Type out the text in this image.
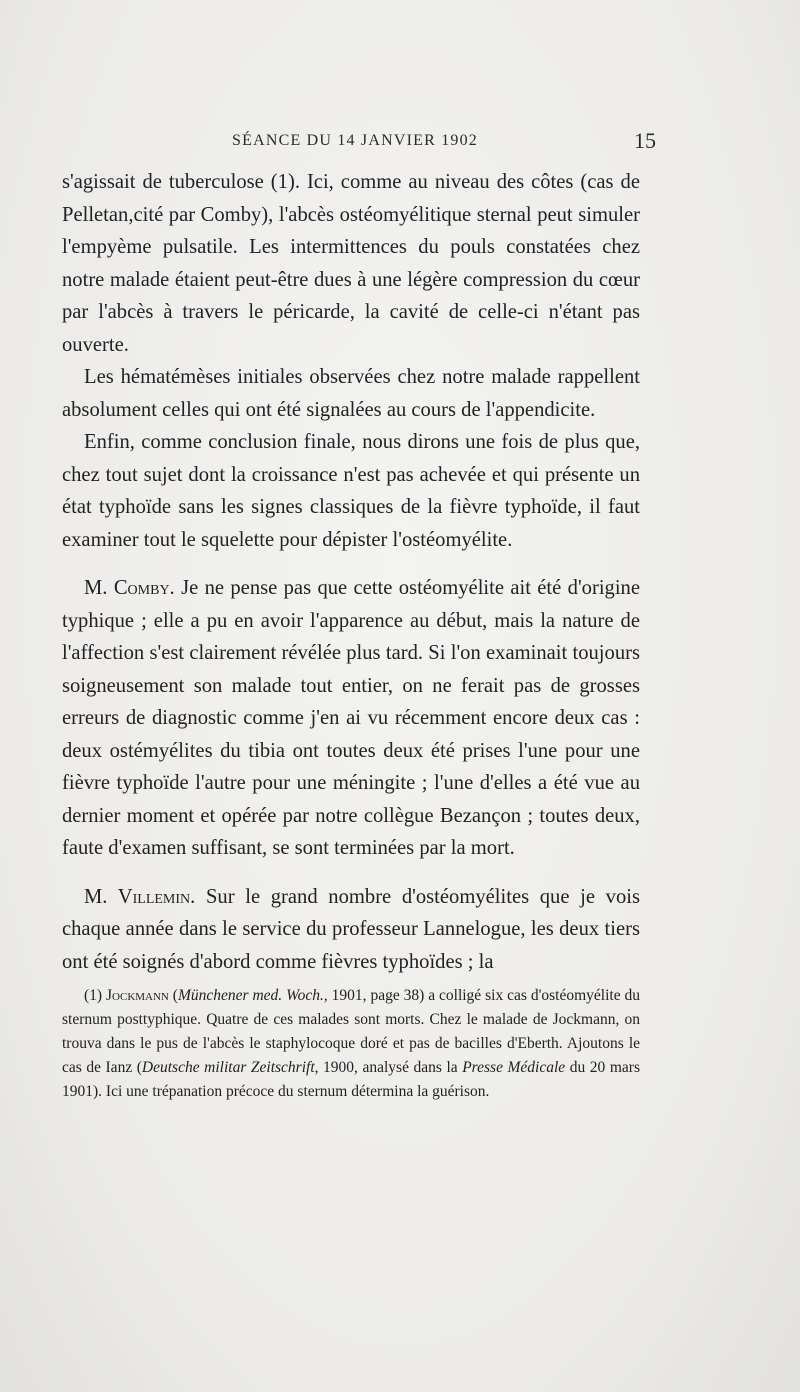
SÉANCE DU 14 JANVIER 1902	15

s'agissait de tuberculose (1). Ici, comme au niveau des côtes (cas de Pelletan,cité par Comby), l'abcès ostéomyélitique sternal peut simuler l'empyème pulsatile. Les intermittences du pouls constatées chez notre malade étaient peut-être dues à une légère compression du cœur par l'abcès à travers le péricarde, la cavité de celle-ci n'étant pas ouverte.

Les hématémèses initiales observées chez notre malade rappellent absolument celles qui ont été signalées au cours de l'appendicite.

Enfin, comme conclusion finale, nous dirons une fois de plus que, chez tout sujet dont la croissance n'est pas achevée et qui présente un état typhoïde sans les signes classiques de la fièvre typhoïde, il faut examiner tout le squelette pour dépister l'ostéomyélite.

M. Comby. Je ne pense pas que cette ostéomyélite ait été d'origine typhique ; elle a pu en avoir l'apparence au début, mais la nature de l'affection s'est clairement révélée plus tard. Si l'on examinait toujours soigneusement son malade tout entier, on ne ferait pas de grosses erreurs de diagnostic comme j'en ai vu récemment encore deux cas : deux ostémyélites du tibia ont toutes deux été prises l'une pour une fièvre typhoïde l'autre pour une méningite ; l'une d'elles a été vue au dernier moment et opérée par notre collègue Bezançon ; toutes deux, faute d'examen suffisant, se sont terminées par la mort.

M. Villemin. Sur le grand nombre d'ostéomyélites que je vois chaque année dans le service du professeur Lannelogue, les deux tiers ont été soignés d'abord comme fièvres typhoïdes ; la

(1) Jockmann (Münchener med. Woch., 1901, page 38) a colligé six cas d'ostéomyélite du sternum posttyphique. Quatre de ces malades sont morts. Chez le malade de Jockmann, on trouva dans le pus de l'abcès le staphylocoque doré et pas de bacilles d'Eberth. Ajoutons le cas de Ianz (Deutsche militar Zeitschrift, 1900, analysé dans la Presse Médicale du 20 mars 1901). Ici une trépanation précoce du sternum détermina la guérison.
